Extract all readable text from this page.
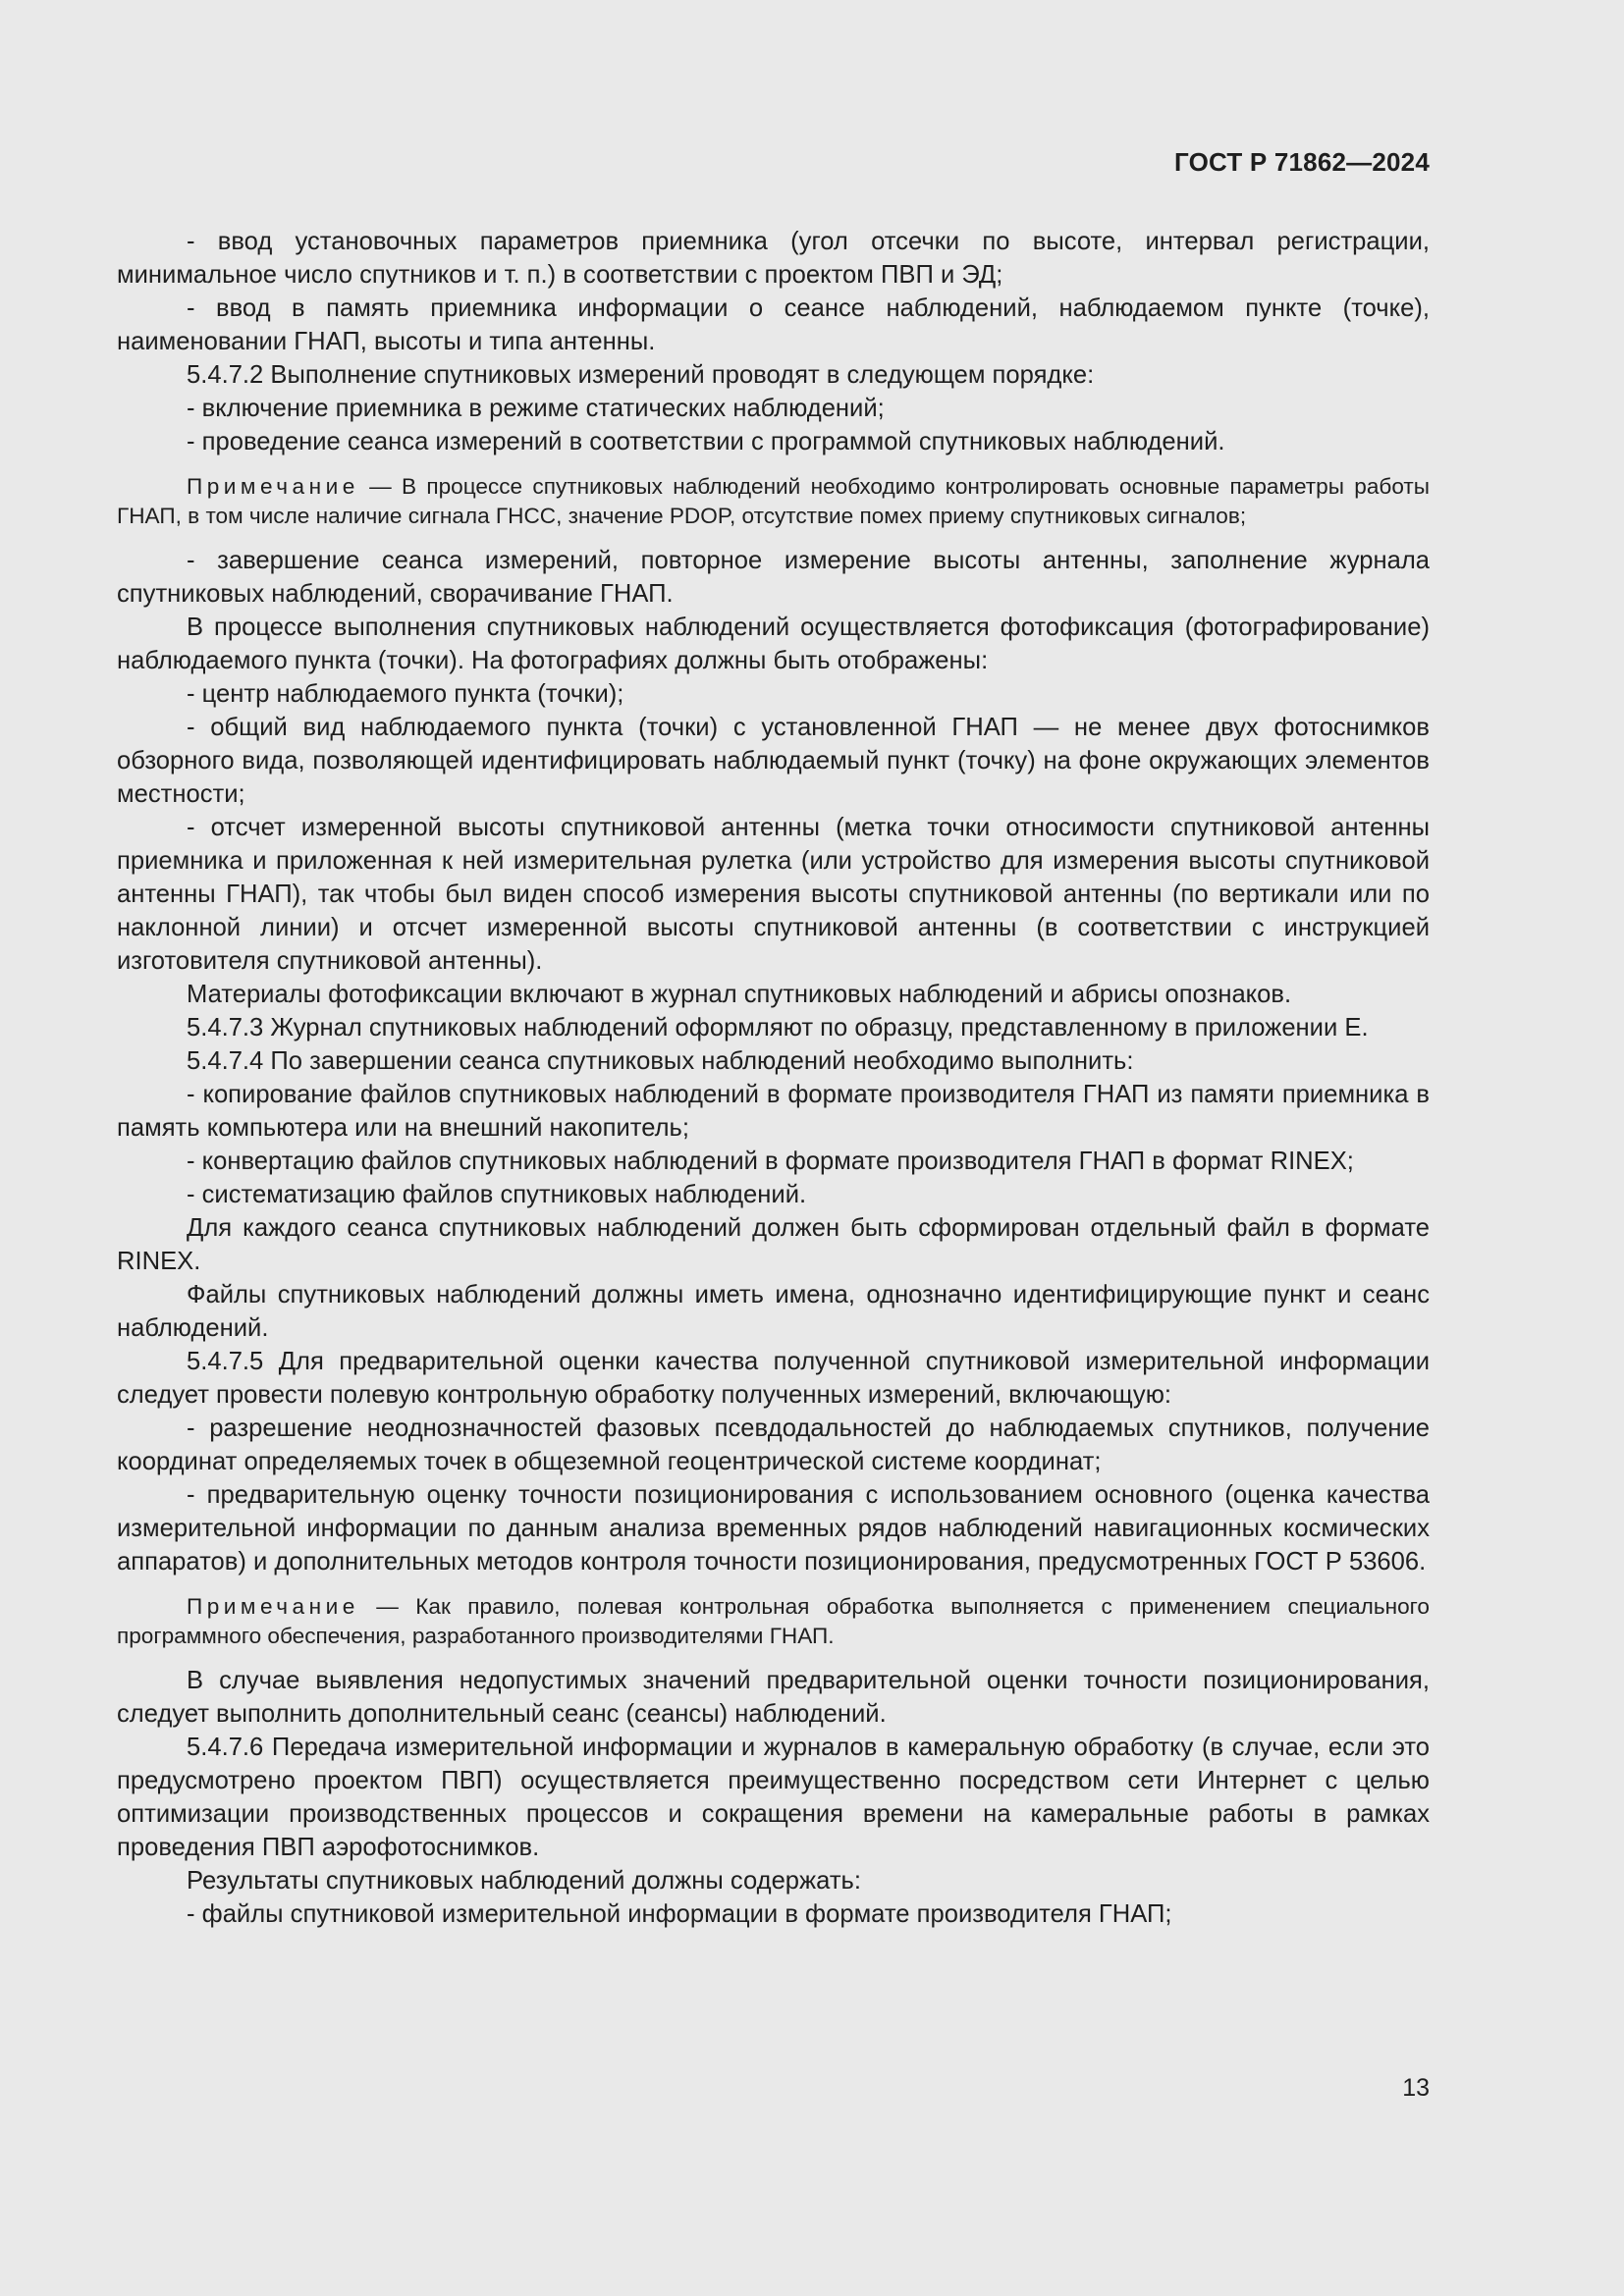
ГОСТ Р 71862—2024

- ввод установочных параметров приемника (угол отсечки по высоте, интервал регистрации, минимальное число спутников и т. п.) в соответствии с проектом ПВП и ЭД;

- ввод в память приемника информации о сеансе наблюдений, наблюдаемом пункте (точке), наименовании ГНАП, высоты и типа антенны.

5.4.7.2 Выполнение спутниковых измерений проводят в следующем порядке:

- включение приемника в режиме статических наблюдений;

- проведение сеанса измерений в соответствии с программой спутниковых наблюдений.

Примечание — В процессе спутниковых наблюдений необходимо контролировать основные параметры работы ГНАП, в том числе наличие сигнала ГНСС, значение PDOP, отсутствие помех приему спутниковых сигналов;

- завершение сеанса измерений, повторное измерение высоты антенны, заполнение журнала спутниковых наблюдений, сворачивание ГНАП.

В процессе выполнения спутниковых наблюдений осуществляется фотофиксация (фотографирование) наблюдаемого пункта (точки). На фотографиях должны быть отображены:

- центр наблюдаемого пункта (точки);

- общий вид наблюдаемого пункта (точки) с установленной ГНАП — не менее двух фотоснимков обзорного вида, позволяющей идентифицировать наблюдаемый пункт (точку) на фоне окружающих элементов местности;

- отсчет измеренной высоты спутниковой антенны (метка точки относимости спутниковой антенны приемника и приложенная к ней измерительная рулетка (или устройство для измерения высоты спутниковой антенны ГНАП), так чтобы был виден способ измерения высоты спутниковой антенны (по вертикали или по наклонной линии) и отсчет измеренной высоты спутниковой антенны (в соответствии с инструкцией изготовителя спутниковой антенны).

Материалы фотофиксации включают в журнал спутниковых наблюдений и абрисы опознаков.

5.4.7.3 Журнал спутниковых наблюдений оформляют по образцу, представленному в приложении Е.

5.4.7.4 По завершении сеанса спутниковых наблюдений необходимо выполнить:

- копирование файлов спутниковых наблюдений в формате производителя ГНАП из памяти приемника в память компьютера или на внешний накопитель;

- конвертацию файлов спутниковых наблюдений в формате производителя ГНАП в формат RINEX;

- систематизацию файлов спутниковых наблюдений.

Для каждого сеанса спутниковых наблюдений должен быть сформирован отдельный файл в формате RINEX.

Файлы спутниковых наблюдений должны иметь имена, однозначно идентифицирующие пункт и сеанс наблюдений.

5.4.7.5 Для предварительной оценки качества полученной спутниковой измерительной информации следует провести полевую контрольную обработку полученных измерений, включающую:

- разрешение неоднозначностей фазовых псевдодальностей до наблюдаемых спутников, получение координат определяемых точек в общеземной геоцентрической системе координат;

- предварительную оценку точности позиционирования с использованием основного (оценка качества измерительной информации по данным анализа временных рядов наблюдений навигационных космических аппаратов) и дополнительных методов контроля точности позиционирования, предусмотренных ГОСТ Р 53606.

Примечание — Как правило, полевая контрольная обработка выполняется с применением специального программного обеспечения, разработанного производителями ГНАП.

В случае выявления недопустимых значений предварительной оценки точности позиционирования, следует выполнить дополнительный сеанс (сеансы) наблюдений.

5.4.7.6 Передача измерительной информации и журналов в камеральную обработку (в случае, если это предусмотрено проектом ПВП) осуществляется преимущественно посредством сети Интернет с целью оптимизации производственных процессов и сокращения времени на камеральные работы в рамках проведения ПВП аэрофотоснимков.

Результаты спутниковых наблюдений должны содержать:

- файлы спутниковой измерительной информации в формате производителя ГНАП;

13
